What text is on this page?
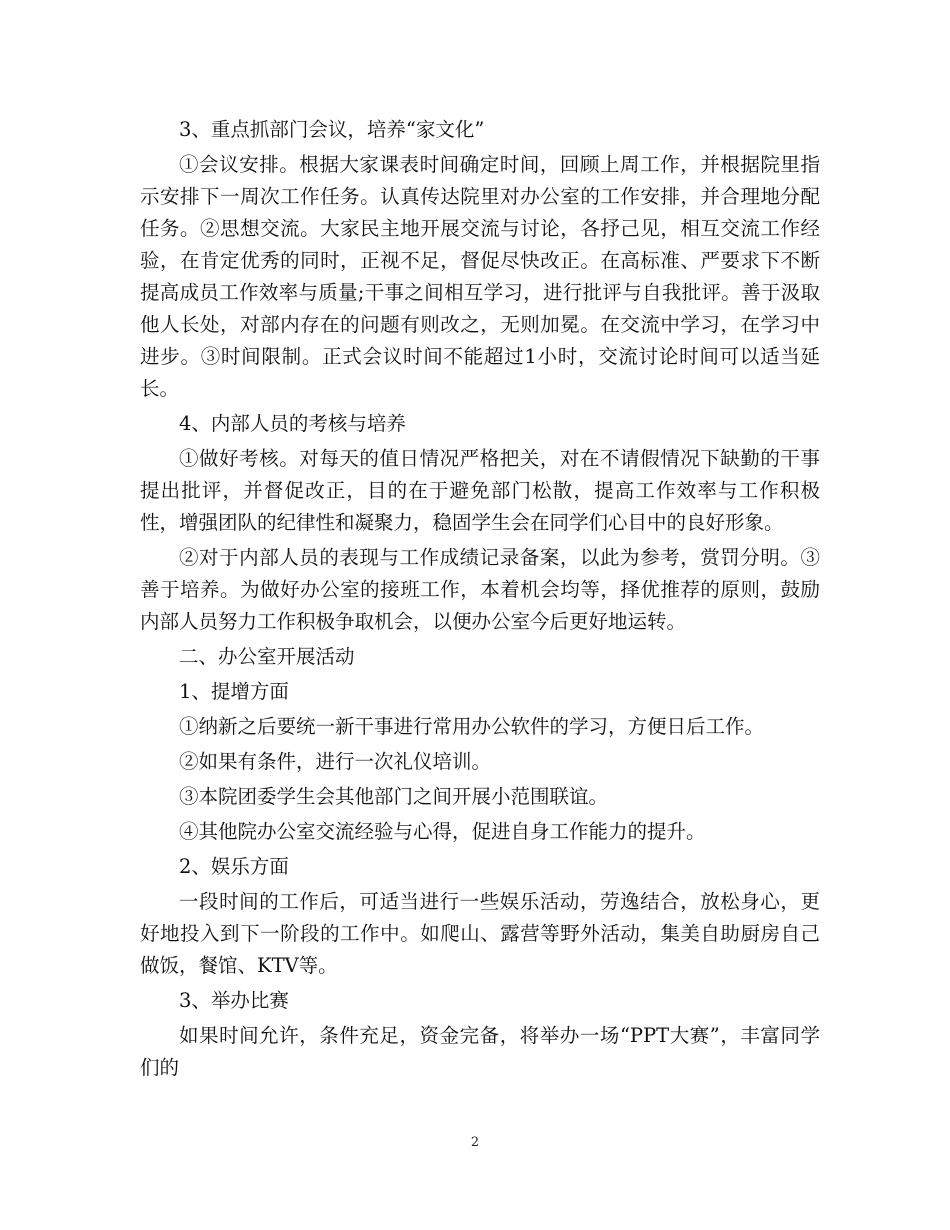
3、重点抓部门会议，培养“家文化”

①会议安排。根据大家课表时间确定时间，回顾上周工作，并根据院里指示安排下一周次工作任务。认真传达院里对办公室的工作安排，并合理地分配任务。②思想交流。大家民主地开展交流与讨论，各抒己见，相互交流工作经验，在肯定优秀的同时，正视不足，督促尽快改正。在高标准、严要求下不断提高成员工作效率与质量;干事之间相互学习，进行批评与自我批评。善于汲取他人长处，对部内存在的问题有则改之，无则加冕。在交流中学习，在学习中进步。③时间限制。正式会议时间不能超过1小时，交流讨论时间可以适当延长。

4、内部人员的考核与培养

①做好考核。对每天的值日情况严格把关，对在不请假情况下缺勤的干事提出批评，并督促改正，目的在于避免部门松散，提高工作效率与工作积极性，增强团队的纪律性和凝聚力，稳固学生会在同学们心目中的良好形象。

②对于内部人员的表现与工作成绩记录备案，以此为参考，赏罚分明。③善于培养。为做好办公室的接班工作，本着机会均等，择优推荐的原则，鼓励内部人员努力工作积极争取机会，以便办公室今后更好地运转。

二、办公室开展活动

1、提增方面

①纳新之后要统一新干事进行常用办公软件的学习，方便日后工作。

②如果有条件，进行一次礼仪培训。

③本院团委学生会其他部门之间开展小范围联谊。

④其他院办公室交流经验与心得，促进自身工作能力的提升。

2、娱乐方面

一段时间的工作后，可适当进行一些娱乐活动，劳逸结合，放松身心，更好地投入到下一阶段的工作中。如爬山、露营等野外活动，集美自助厨房自己做饭，餐馆、KTV等。

3、举办比赛

如果时间允许，条件充足，资金完备，将举办一场“PPT大赛”，丰富同学们的

2
